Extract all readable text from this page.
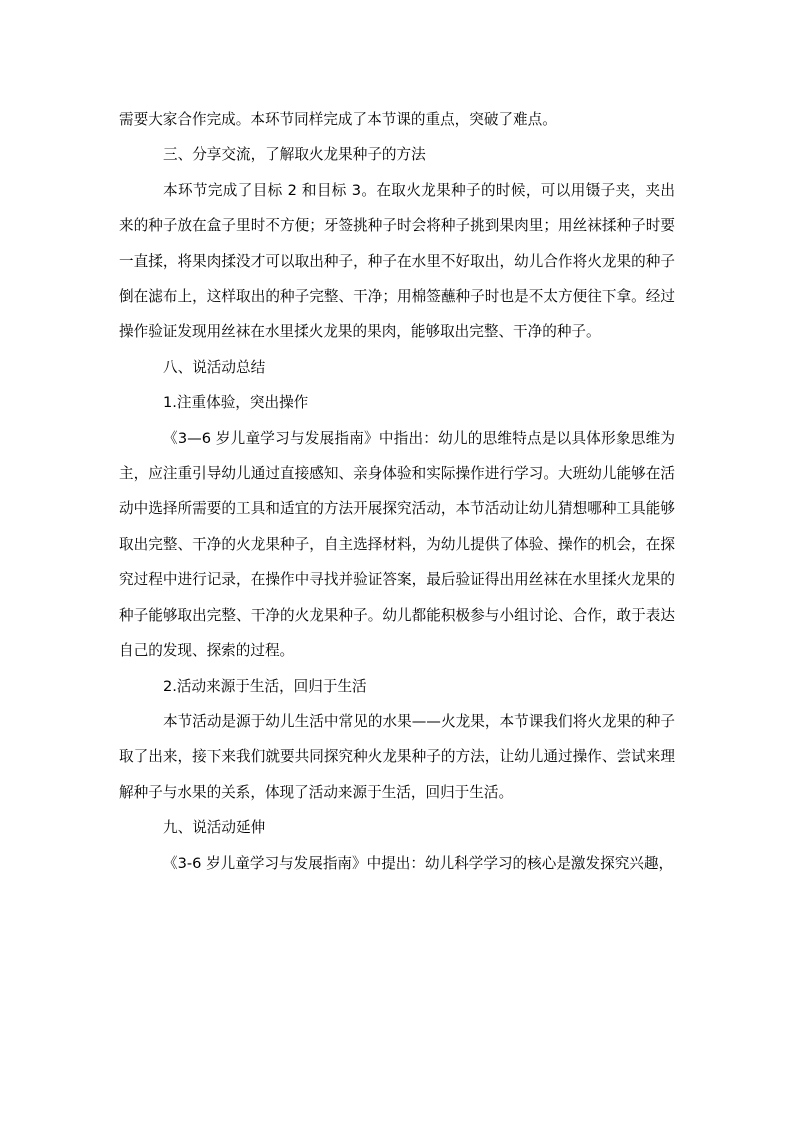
需要大家合作完成。本环节同样完成了本节课的重点，突破了难点。

三、分享交流，了解取火龙果种子的方法

本环节完成了目标 2 和目标 3。在取火龙果种子的时候，可以用镊子夹，夹出来的种子放在盒子里时不方便；牙签挑种子时会将种子挑到果肉里；用丝袜揉种子时要一直揉，将果肉揉没才可以取出种子，种子在水里不好取出，幼儿合作将火龙果的种子倒在滤布上，这样取出的种子完整、干净；用棉签蘸种子时也是不太方便往下拿。经过操作验证发现用丝袜在水里揉火龙果的果肉，能够取出完整、干净的种子。

八、说活动总结

1.注重体验，突出操作

《3—6 岁儿童学习与发展指南》中指出：幼儿的思维特点是以具体形象思维为主，应注重引导幼儿通过直接感知、亲身体验和实际操作进行学习。大班幼儿能够在活动中选择所需要的工具和适宜的方法开展探究活动，本节活动让幼儿猜想哪种工具能够取出完整、干净的火龙果种子，自主选择材料，为幼儿提供了体验、操作的机会，在探究过程中进行记录，在操作中寻找并验证答案，最后验证得出用丝袜在水里揉火龙果的种子能够取出完整、干净的火龙果种子。幼儿都能积极参与小组讨论、合作，敢于表达自己的发现、探索的过程。

2.活动来源于生活，回归于生活

本节活动是源于幼儿生活中常见的水果——火龙果，本节课我们将火龙果的种子取了出来，接下来我们就要共同探究种火龙果种子的方法，让幼儿通过操作、尝试来理解种子与水果的关系，体现了活动来源于生活，回归于生活。

九、说活动延伸

《3-6 岁儿童学习与发展指南》中提出：幼儿科学学习的核心是激发探究兴趣，
